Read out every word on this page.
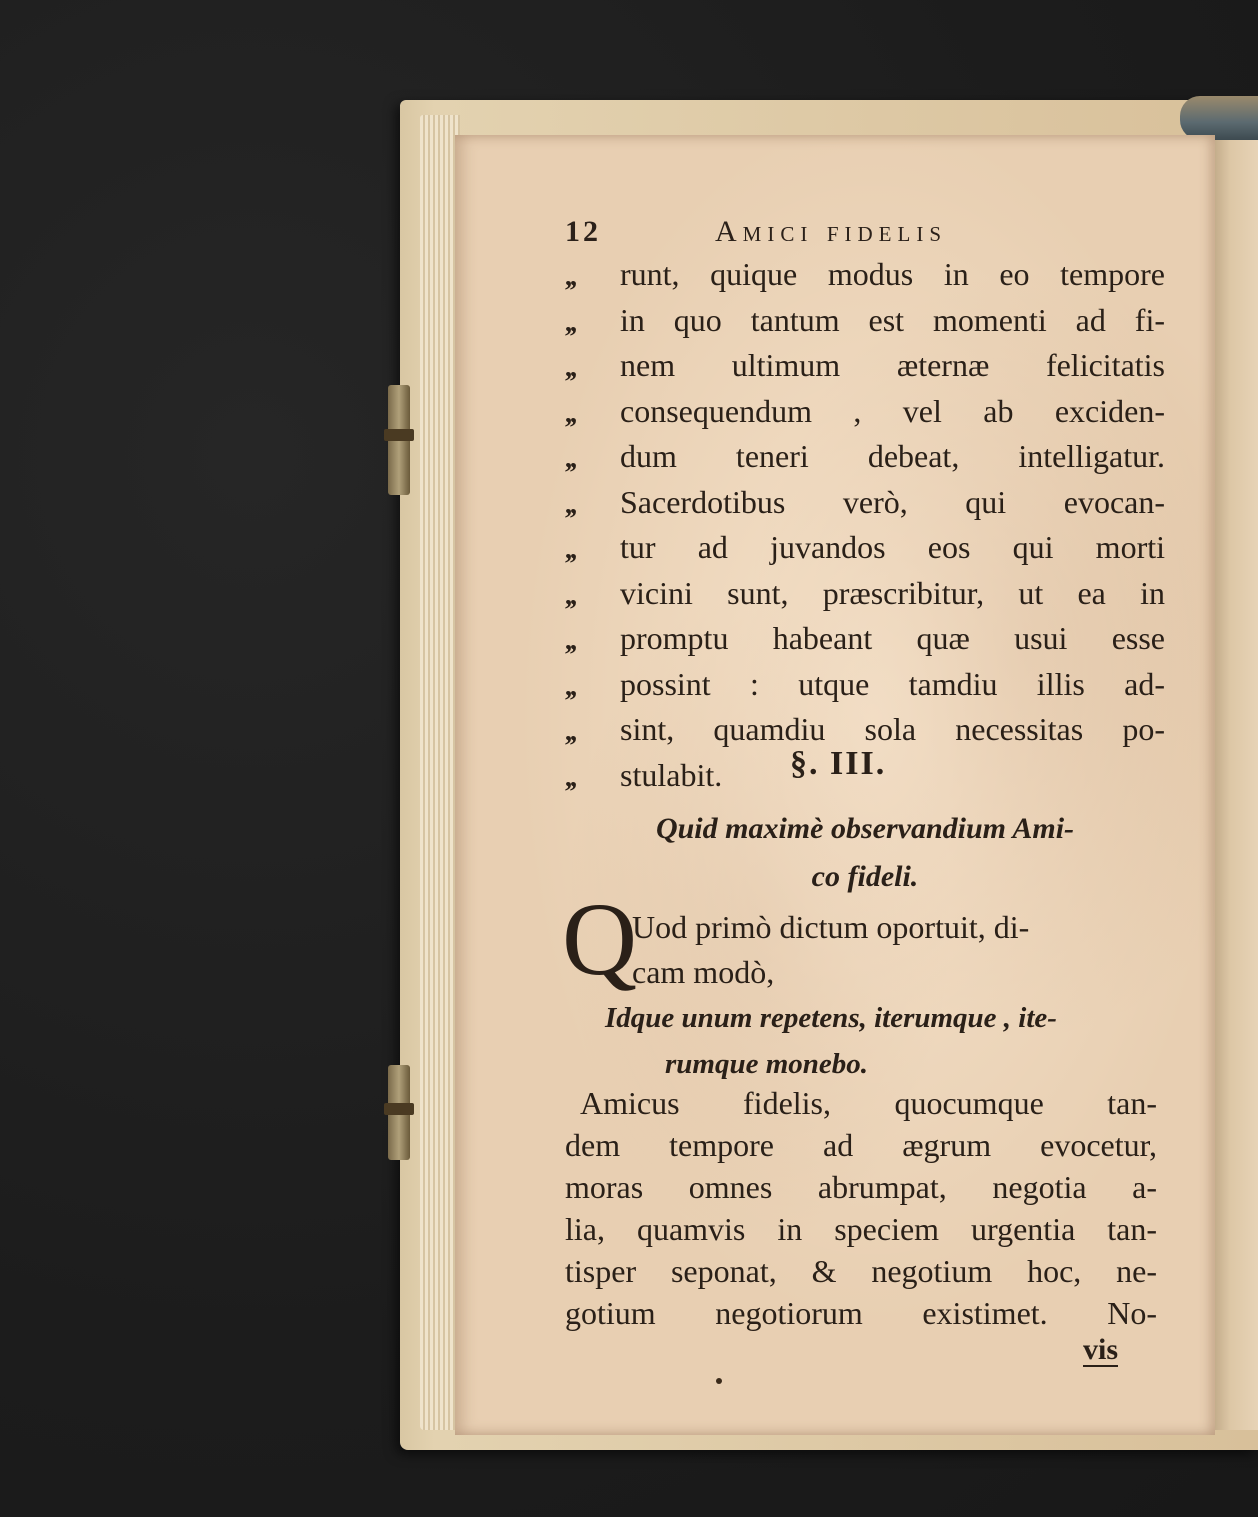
12	Amici fidelis
,,	runt, quique modus in eo tempore
,,	in quo tantum est momenti ad fi-
,,	nem ultimum æternæ felicitatis
,,	consequendum , vel ab exciden-
,,	dum teneri debeat, intelligatur.
,,	Sacerdotibus verò, qui evocan-
,,	tur ad juvandos eos qui morti
,,	vicini sunt, præscribitur, ut ea in
,,	promptu habeant quæ usui esse
,,	possint : utque tamdiu illis ad-
,,	sint, quamdiu sola necessitas po-
,,	stulabit.	§. III.
Quid maximè observandium Ami-
co fideli.
Q
Uod primò dictum oportuit, di-
cam modò,
Idque unum repetens, iterumque , ite-
rumque monebo.
Amicus fidelis, quocumque tan-
dem tempore ad ægrum evocetur,
moras omnes abrumpat, negotia a-
lia, quamvis in speciem urgentia tan-
tisper seponat, & negotium hoc, ne-
gotium negotiorum existimet. No-
vis
